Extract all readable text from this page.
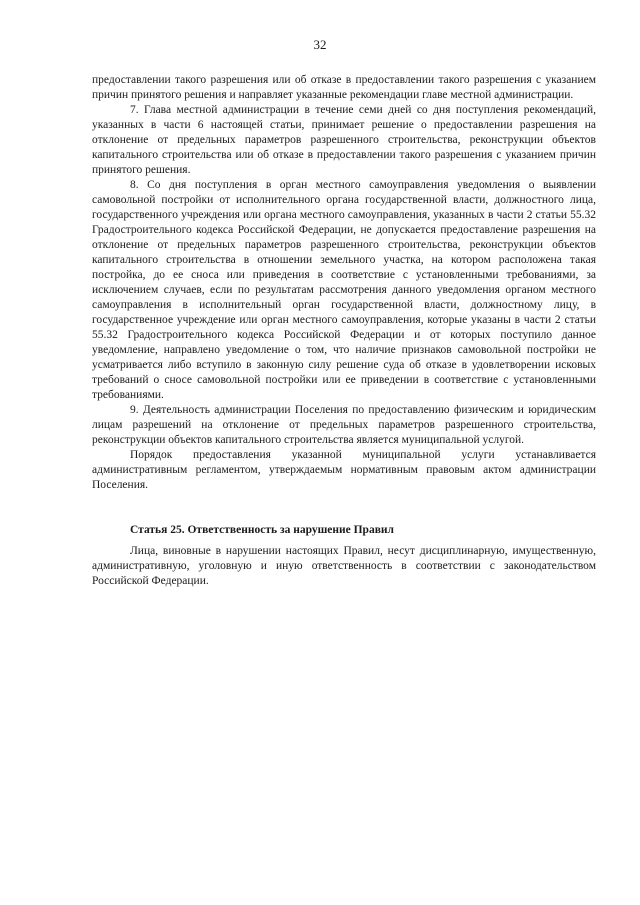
32

предоставлении такого разрешения или об отказе в предоставлении такого разрешения с указанием причин принятого решения и направляет указанные рекомендации главе местной администрации.

7. Глава местной администрации в течение семи дней со дня поступления рекомендаций, указанных в части 6 настоящей статьи, принимает решение о предоставлении разрешения на отклонение от предельных параметров разрешенного строительства, реконструкции объектов капитального строительства или об отказе в предоставлении такого разрешения с указанием причин принятого решения.

8. Со дня поступления в орган местного самоуправления уведомления о выявлении самовольной постройки от исполнительного органа государственной власти, должностного лица, государственного учреждения или органа местного самоуправления, указанных в части 2 статьи 55.32 Градостроительного кодекса Российской Федерации, не допускается предоставление разрешения на отклонение от предельных параметров разрешенного строительства, реконструкции объектов капитального строительства в отношении земельного участка, на котором расположена такая постройка, до ее сноса или приведения в соответствие с установленными требованиями, за исключением случаев, если по результатам рассмотрения данного уведомления органом местного самоуправления в исполнительный орган государственной власти, должностному лицу, в государственное учреждение или орган местного самоуправления, которые указаны в части 2 статьи 55.32 Градостроительного кодекса Российской Федерации и от которых поступило данное уведомление, направлено уведомление о том, что наличие признаков самовольной постройки не усматривается либо вступило в законную силу решение суда об отказе в удовлетворении исковых требований о сносе самовольной постройки или ее приведении в соответствие с установленными требованиями.

9. Деятельность администрации Поселения по предоставлению физическим и юридическим лицам разрешений на отклонение от предельных параметров разрешенного строительства, реконструкции объектов капитального строительства является муниципальной услугой.

Порядок предоставления указанной муниципальной услуги устанавливается административным регламентом, утверждаемым нормативным правовым актом администрации Поселения.

Статья 25. Ответственность за нарушение Правил

Лица, виновные в нарушении настоящих Правил, несут дисциплинарную, имущественную, административную, уголовную и иную ответственность в соответствии с законодательством Российской Федерации.
